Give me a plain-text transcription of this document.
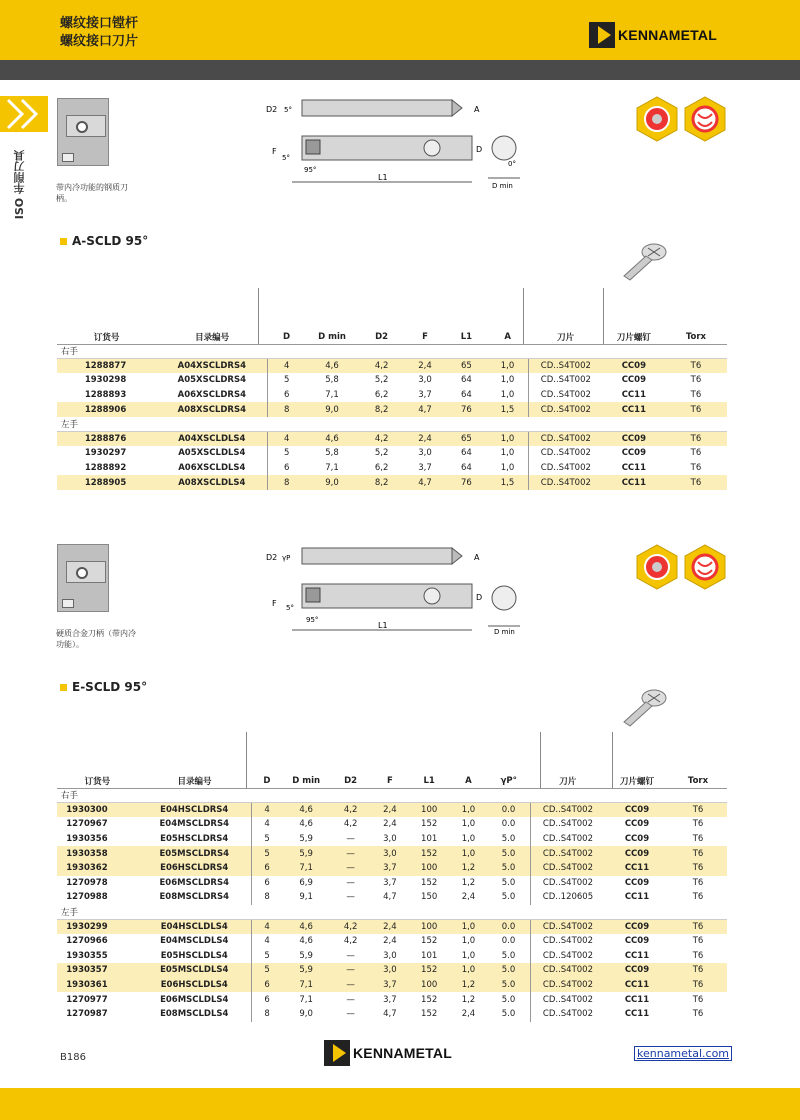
螺纹接口镗杆
螺纹接口刀片	KENNAMETAL
ISO 车削刀具	带内冷功能的钢质刀柄。
D2 5°	A
F
5°
95°
L1
D
0°
D min
A-SCLD 95°
订货号	目录编号	D	D min	D2	F	L1	A	刀片	刀片螺钉	Torx
右手										
1288877	A04XSCLDRS4	4	4,6	4,2	2,4	65	1,0	CD..S4T002	CC09	T6
1930298	A05XSCLDRS4	5	5,8	5,2	3,0	64	1,0	CD..S4T002	CC09	T6
1288893	A06XSCLDRS4	6	7,1	6,2	3,7	64	1,0	CD..S4T002	CC11	T6
1288906	A08XSCLDRS4	8	9,0	8,2	4,7	76	1,5	CD..S4T002	CC11	T6
左手										
1288876	A04XSCLDLS4	4	4,6	4,2	2,4	65	1,0	CD..S4T002	CC09	T6
1930297	A05XSCLDLS4	5	5,8	5,2	3,0	64	1,0	CD..S4T002	CC09	T6
1288892	A06XSCLDLS4	6	7,1	6,2	3,7	64	1,0	CD..S4T002	CC11	T6
1288905	A08XSCLDLS4	8	9,0	8,2	4,7	76	1,5	CD..S4T002	CC11	T6
硬质合金刀柄（带内冷功能）。
D2 γP	A
F 5°
95°
L1
D
D min
E-SCLD 95°
订货号	目录编号	D	D min	D2	F	L1	A	γP°	刀片	刀片螺钉	Torx
右手											
1930300	E04HSCLDRS4	4	4,6	4,2	2,4	100	1,0	0.0	CD..S4T002	CC09	T6
1270967	E04MSCLDRS4	4	4,6	4,2	2,4	152	1,0	0.0	CD..S4T002	CC09	T6
1930356	E05HSCLDRS4	5	5,9	—	3,0	101	1,0	5.0	CD..S4T002	CC09	T6
1930358	E05MSCLDRS4	5	5,9	—	3,0	152	1,0	5.0	CD..S4T002	CC09	T6
1930362	E06HSCLDRS4	6	7,1	—	3,7	100	1,2	5.0	CD..S4T002	CC11	T6
1270978	E06MSCLDRS4	6	6,9	—	3,7	152	1,2	5.0	CD..S4T002	CC09	T6
1270988	E08MSCLDRS4	8	9,1	—	4,7	150	2,4	5.0	CD..120605	CC11	T6
左手											
1930299	E04HSCLDLS4	4	4,6	4,2	2,4	100	1,0	0.0	CD..S4T002	CC09	T6
1270966	E04MSCLDLS4	4	4,6	4,2	2,4	152	1,0	0.0	CD..S4T002	CC09	T6
1930355	E05HSCLDLS4	5	5,9	—	3,0	101	1,0	5.0	CD..S4T002	CC11	T6
1930357	E05MSCLDLS4	5	5,9	—	3,0	152	1,0	5.0	CD..S4T002	CC09	T6
1930361	E06HSCLDLS4	6	7,1	—	3,7	100	1,2	5.0	CD..S4T002	CC11	T6
1270977	E06MSCLDLS4	6	7,1	—	3,7	152	1,2	5.0	CD..S4T002	CC11	T6
1270987	E08MSCLDLS4	8	9,0	—	4,7	152	2,4	5.0	CD..S4T002	CC11	T6
B186	KENNAMETAL	kennametal.com
